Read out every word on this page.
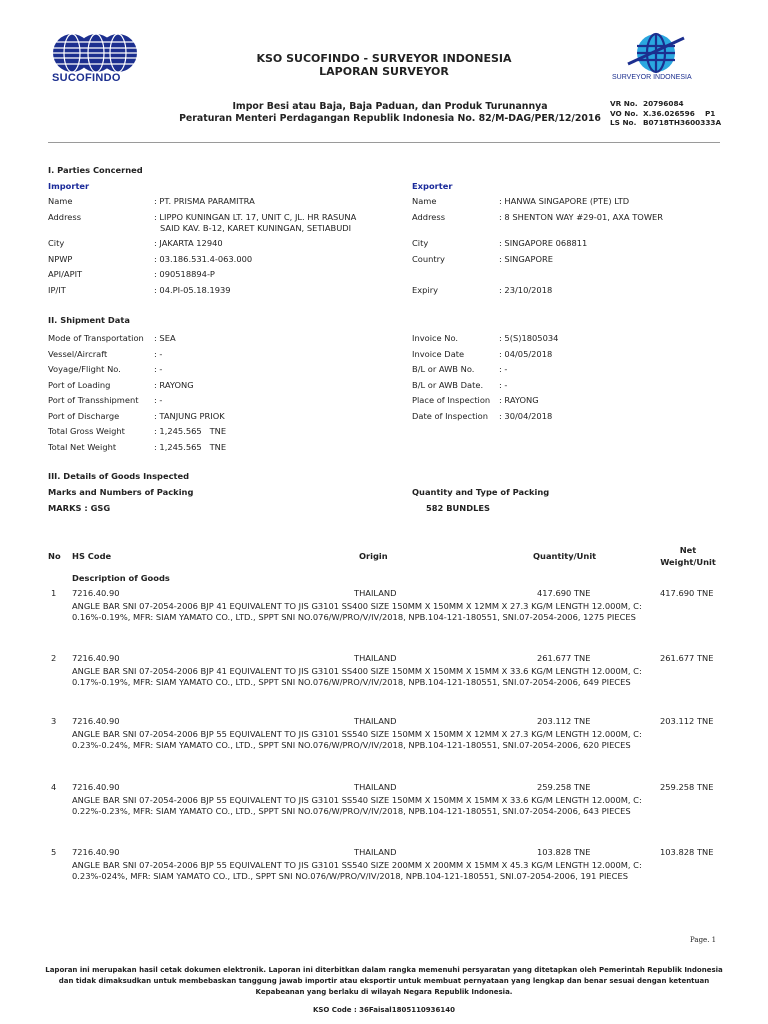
SUCOFINDO
KSO SUCOFINDO - SURVEYOR INDONESIA
LAPORAN SURVEYOR	SURVEYOR INDONESIA
Impor Besi atau Baja, Baja Paduan, dan Produk Turunannya
Peraturan Menteri Perdagangan Republik Indonesia No. 82/M-DAG/PER/12/2016
VR No. 20796084
VO No. X.36.026596    P1
LS No. B0718TH3600333A
I. Parties Concerned
Importer	Exporter
Name	: PT. PRISMA PARAMITRA
Address	: LIPPO KUNINGAN LT. 17, UNIT C, JL. HR RASUNA
SAID KAV. B-12, KARET KUNINGAN, SETIABUDI
City	: JAKARTA 12940
NPWP	: 03.186.531.4-063.000
API/APIT	: 090518894-P
IP/IT	: 04.PI-05.18.1939
Name	: HANWA SINGAPORE (PTE) LTD
Address	: 8 SHENTON WAY #29-01, AXA TOWER
City	: SINGAPORE 068811
Country	: SINGAPORE
Expiry	: 23/10/2018
II. Shipment Data
Mode of Transportation : SEA
Vessel/Aircraft	: -
Voyage/Flight No.	: -
Port of Loading	: RAYONG
Port of Transshipment : -
Port of Discharge	: TANJUNG PRIOK
Total Gross Weight	: 1,245.565   TNE
Total Net Weight	: 1,245.565   TNE
Invoice No.	: 5(S)1805034
Invoice Date	: 04/05/2018
B/L or AWB No.	: -
B/L or AWB Date. : -
Place of Inspection : RAYONG
Date of Inspection : 30/04/2018
III. Details of Goods Inspected
Marks and Numbers of Packing
MARKS : GSG
Quantity and Type of Packing
582 BUNDLES
No HS Code	Origin	Quantity/Unit
Net
Weight/Unit
Description of Goods
1 7216.40.90	THAILAND	417.690 TNE	417.690 TNE
ANGLE BAR SNI 07-2054-2006 BJP 41 EQUIVALENT TO JIS G3101 SS400 SIZE 150MM X 150MM X 12MM X 27.3 KG/M LENGTH 12.000M, C: 0.16%-0.19%, MFR: SIAM YAMATO CO., LTD., SPPT SNI NO.076/W/PRO/V/IV/2018, NPB.104-121-180551, SNI.07-2054-2006, 1275 PIECES
2 7216.40.90	THAILAND	261.677 TNE	261.677 TNE
ANGLE BAR SNI 07-2054-2006 BJP 41 EQUIVALENT TO JIS G3101 SS400 SIZE 150MM X 150MM X 15MM X 33.6 KG/M LENGTH 12.000M, C: 0.17%-0.19%, MFR: SIAM YAMATO CO., LTD., SPPT SNI NO.076/W/PRO/V/IV/2018, NPB.104-121-180551, SNI.07-2054-2006, 649 PIECES
3 7216.40.90	THAILAND	203.112 TNE	203.112 TNE
ANGLE BAR SNI 07-2054-2006 BJP 55 EQUIVALENT TO JIS G3101 SS540 SIZE 150MM X 150MM X 12MM X 27.3 KG/M LENGTH 12.000M, C: 0.23%-0.24%, MFR: SIAM YAMATO CO., LTD., SPPT SNI NO.076/W/PRO/V/IV/2018, NPB.104-121-180551, SNI.07-2054-2006, 620 PIECES
4 7216.40.90	THAILAND	259.258 TNE	259.258 TNE
ANGLE BAR SNI 07-2054-2006 BJP 55 EQUIVALENT TO JIS G3101 SS540 SIZE 150MM X 150MM X 15MM X 33.6 KG/M LENGTH 12.000M, C: 0.22%-0.23%, MFR: SIAM YAMATO CO., LTD., SPPT SNI NO.076/W/PRO/V/IV/2018, NPB.104-121-180551, SNI.07-2054-2006, 643 PIECES
5 7216.40.90	THAILAND	103.828 TNE	103.828 TNE
ANGLE BAR SNI 07-2054-2006 BJP 55 EQUIVALENT TO JIS G3101 SS540 SIZE 200MM X 200MM X 15MM X 45.3 KG/M LENGTH 12.000M, C: 0.23%-024%, MFR: SIAM YAMATO CO., LTD., SPPT SNI NO.076/W/PRO/V/IV/2018, NPB.104-121-180551, SNI.07-2054-2006, 191 PIECES
Page. 1
Laporan ini merupakan hasil cetak dokumen elektronik. Laporan ini diterbitkan dalam rangka memenuhi persyaratan yang ditetapkan oleh Pemerintah Republik Indonesia dan tidak dimaksudkan untuk membebaskan tanggung jawab importir atau eksportir untuk membuat pernyataan yang lengkap dan benar sesuai dengan ketentuan Kepabeanan yang berlaku di wilayah Negara Republik Indonesia.
KSO Code : 36Faisal1805110936140
